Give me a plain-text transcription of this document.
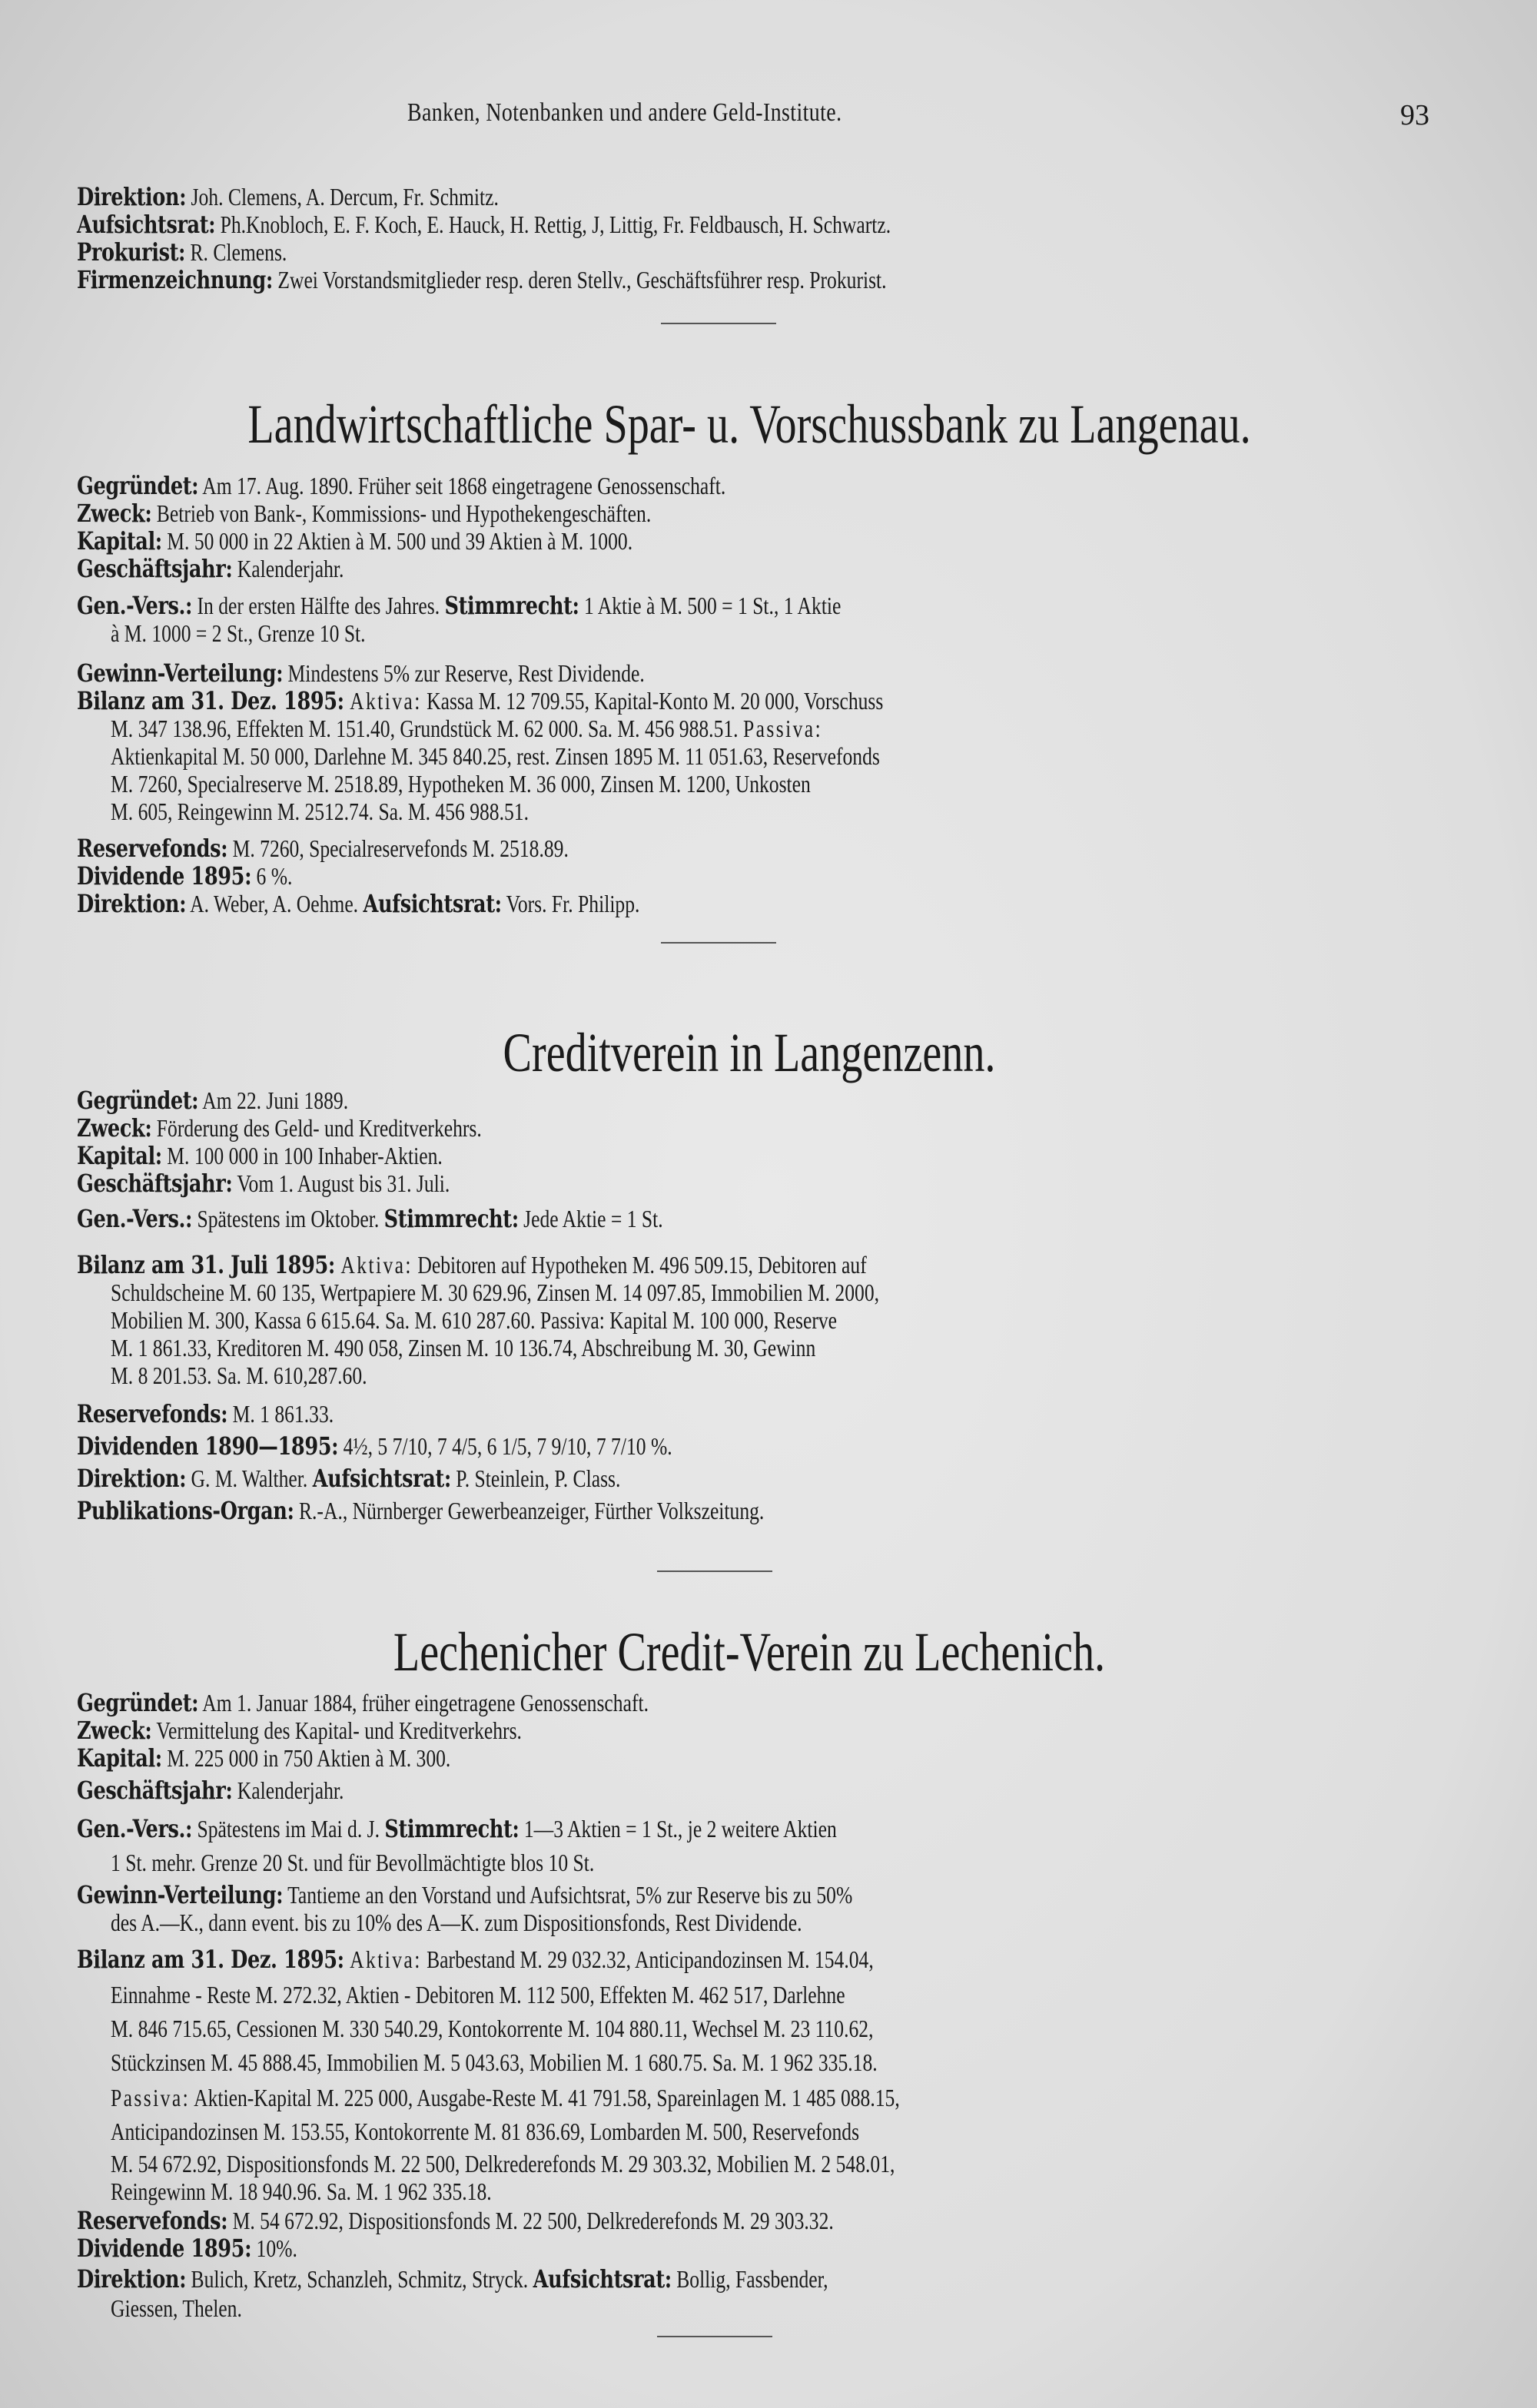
Banken, Notenbanken und andere Geld-Institute.	93
Direktion: Joh. Clemens, A. Dercum, Fr. Schmitz.
Aufsichtsrat: Ph.Knobloch, E. F. Koch, E. Hauck, H. Rettig, J, Littig, Fr. Feldbausch, H. Schwartz.
Prokurist: R. Clemens.
Firmenzeichnung: Zwei Vorstandsmitglieder resp. deren Stellv., Geschäftsführer resp. Prokurist.
Landwirtschaftliche Spar- u. Vorschussbank zu Langenau.
Gegründet: Am 17. Aug. 1890. Früher seit 1868 eingetragene Genossenschaft.
Zweck: Betrieb von Bank-, Kommissions- und Hypothekengeschäften.
Kapital: M. 50 000 in 22 Aktien à M. 500 und 39 Aktien à M. 1000.
Geschäftsjahr: Kalenderjahr.
Gen.-Vers.: In der ersten Hälfte des Jahres. Stimmrecht: 1 Aktie à M. 500 = 1 St., 1 Aktie
à M. 1000 = 2 St., Grenze 10 St.
Gewinn-Verteilung: Mindestens 5% zur Reserve, Rest Dividende.
Bilanz am 31. Dez. 1895: Aktiva: Kassa M. 12 709.55, Kapital-Konto M. 20 000, Vorschuss
M. 347 138.96, Effekten M. 151.40, Grundstück M. 62 000. Sa. M. 456 988.51. Passiva:
Aktienkapital M. 50 000, Darlehne M. 345 840.25, rest. Zinsen 1895 M. 11 051.63, Reservefonds
M. 7260, Specialreserve M. 2518.89, Hypotheken M. 36 000, Zinsen M. 1200, Unkosten
M. 605, Reingewinn M. 2512.74. Sa. M. 456 988.51.
Reservefonds: M. 7260, Specialreservefonds M. 2518.89.
Dividende 1895: 6 %.
Direktion: A. Weber, A. Oehme. Aufsichtsrat: Vors. Fr. Philipp.
Creditverein in Langenzenn.
Gegründet: Am 22. Juni 1889.
Zweck: Förderung des Geld- und Kreditverkehrs.
Kapital: M. 100 000 in 100 Inhaber-Aktien.
Geschäftsjahr: Vom 1. August bis 31. Juli.
Gen.-Vers.: Spätestens im Oktober. Stimmrecht: Jede Aktie = 1 St.
Bilanz am 31. Juli 1895: Aktiva: Debitoren auf Hypotheken M. 496 509.15, Debitoren auf
Schuldscheine M. 60 135, Wertpapiere M. 30 629.96, Zinsen M. 14 097.85, Immobilien M. 2000,
Mobilien M. 300, Kassa 6 615.64. Sa. M. 610 287.60. Passiva: Kapital M. 100 000, Reserve
M. 1 861.33, Kreditoren M. 490 058, Zinsen M. 10 136.74, Abschreibung M. 30, Gewinn
M. 8 201.53. Sa. M. 610,287.60.
Reservefonds: M. 1 861.33.
Dividenden 1890—1895: 4½, 5 7/10, 7 4/5, 6 1/5, 7 9/10, 7 7/10 %.
Direktion: G. M. Walther. Aufsichtsrat: P. Steinlein, P. Class.
Publikations-Organ: R.-A., Nürnberger Gewerbeanzeiger, Fürther Volkszeitung.
Lechenicher Credit-Verein zu Lechenich.
Gegründet: Am 1. Januar 1884, früher eingetragene Genossenschaft.
Zweck: Vermittelung des Kapital- und Kreditverkehrs.
Kapital: M. 225 000 in 750 Aktien à M. 300.
Geschäftsjahr: Kalenderjahr.
Gen.-Vers.: Spätestens im Mai d. J. Stimmrecht: 1—3 Aktien = 1 St., je 2 weitere Aktien
1 St. mehr. Grenze 20 St. und für Bevollmächtigte blos 10 St.
Gewinn-Verteilung: Tantieme an den Vorstand und Aufsichtsrat, 5% zur Reserve bis zu 50%
des A.—K., dann event. bis zu 10% des A—K. zum Dispositionsfonds, Rest Dividende.
Bilanz am 31. Dez. 1895: Aktiva: Barbestand M. 29 032.32, Anticipandozinsen M. 154.04,
Einnahme - Reste M. 272.32, Aktien - Debitoren M. 112 500, Effekten M. 462 517, Darlehne
M. 846 715.65, Cessionen M. 330 540.29, Kontokorrente M. 104 880.11, Wechsel M. 23 110.62,
Stückzinsen M. 45 888.45, Immobilien M. 5 043.63, Mobilien M. 1 680.75. Sa. M. 1 962 335.18.
Passiva: Aktien-Kapital M. 225 000, Ausgabe-Reste M. 41 791.58, Spareinlagen M. 1 485 088.15,
Anticipandozinsen M. 153.55, Kontokorrente M. 81 836.69, Lombarden M. 500, Reservefonds
M. 54 672.92, Dispositionsfonds M. 22 500, Delkrederefonds M. 29 303.32, Mobilien M. 2 548.01,
Reingewinn M. 18 940.96. Sa. M. 1 962 335.18.
Reservefonds: M. 54 672.92, Dispositionsfonds M. 22 500, Delkrederefonds M. 29 303.32.
Dividende 1895: 10%.
Direktion: Bulich, Kretz, Schanzleh, Schmitz, Stryck. Aufsichtsrat: Bollig, Fassbender,
Giessen, Thelen.
